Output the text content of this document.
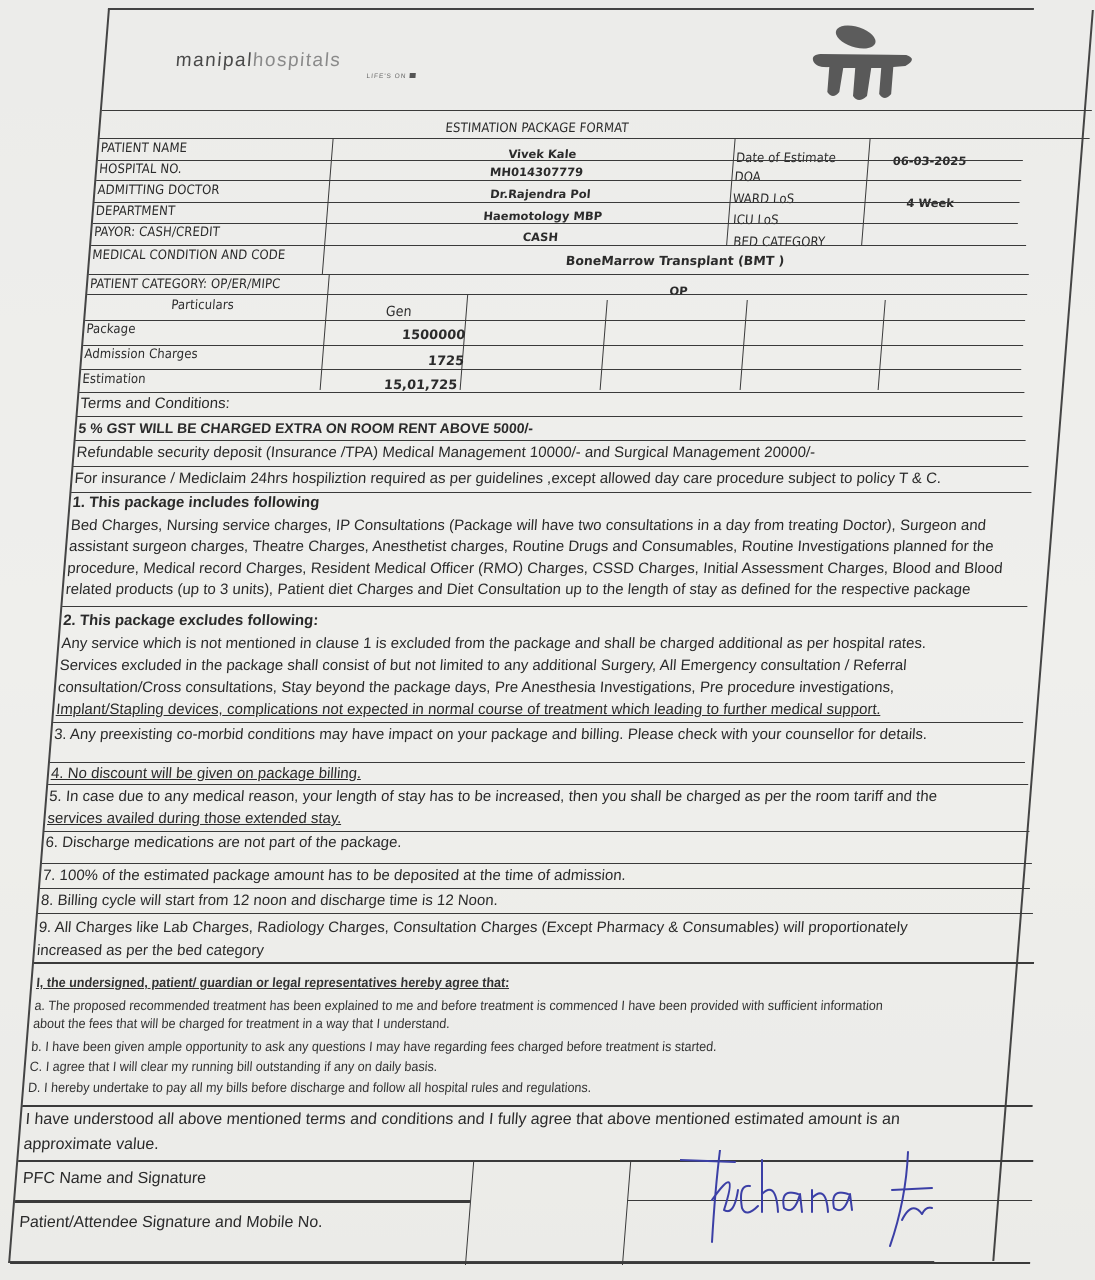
manipalhospitals
LIFE'S ON
ESTIMATION PACKAGE FORMAT
PATIENT NAME	Vivek Kale	Date of Estimate	06-03-2025
HOSPITAL NO.	MH014307779	DOA
ADMITTING DOCTOR	Dr.Rajendra Pol	WARD LoS	4 Week
DEPARTMENT	Haemotology MBP	ICU LoS
PAYOR: CASH/CREDIT	CASH	BED CATEGORY
MEDICAL CONDITION AND CODE	BoneMarrow Transplant (BMT )
PATIENT CATEGORY: OP/ER/MIPC	OP
Particulars	Gen
Package	1500000
Admission Charges	1725
Estimation	15,01,725
Terms and Conditions:
5 % GST WILL BE CHARGED EXTRA ON ROOM RENT ABOVE 5000/-
Refundable security deposit (Insurance /TPA) Medical Management 10000/- and Surgical Management 20000/-
For insurance / Mediclaim 24hrs hospiliztion required as per guidelines ,except allowed day care procedure subject to policy T & C.
1. This package includes following
Bed Charges, Nursing service charges, IP Consultations (Package will have two consultations in a day from treating Doctor), Surgeon and
assistant surgeon charges, Theatre Charges, Anesthetist charges, Routine Drugs and Consumables, Routine Investigations planned for the
procedure, Medical record Charges, Resident Medical Officer (RMO) Charges, CSSD Charges, Initial Assessment Charges, Blood and Blood
related products (up to 3 units), Patient diet Charges and Diet Consultation up to the length of stay as defined for the respective package
2. This package excludes following:
Any service which is not mentioned in clause 1 is excluded from the package and shall be charged additional as per hospital rates.
Services excluded in the package shall consist of but not limited to any additional Surgery, All Emergency consultation / Referral
consultation/Cross consultations, Stay beyond the package days, Pre Anesthesia Investigations, Pre procedure investigations,
Implant/Stapling devices, complications not expected in normal course of treatment which leading to further medical support.
3. Any preexisting co-morbid conditions may have impact on your package and billing. Please check with your counsellor for details.
4. No discount will be given on package billing.
5. In case due to any medical reason, your length of stay has to be increased, then you shall be charged as per the room tariff and the
services availed during those extended stay.
6. Discharge medications are not part of the package.
7. 100% of the estimated package amount has to be deposited at the time of admission.
8. Billing cycle will start from 12 noon and discharge time is 12 Noon.
9. All Charges like Lab Charges, Radiology Charges, Consultation Charges (Except Pharmacy & Consumables) will proportionately
increased as per the bed category
I, the undersigned, patient/ guardian or legal representatives hereby agree that:
a. The proposed recommended treatment has been explained to me and before treatment is commenced I have been provided with sufficient information
about the fees that will be charged for treatment in a way that I understand.
b. I have been given ample opportunity to ask any questions I may have regarding fees charged before treatment is started.
C. I agree that I will clear my running bill outstanding if any on daily basis.
D. I hereby undertake to pay all my bills before discharge and follow all hospital rules and regulations.
I have understood all above mentioned terms and conditions and I fully agree that above mentioned estimated amount is an
approximate value.
PFC Name and Signature
Patient/Attendee Signature and Mobile No.
